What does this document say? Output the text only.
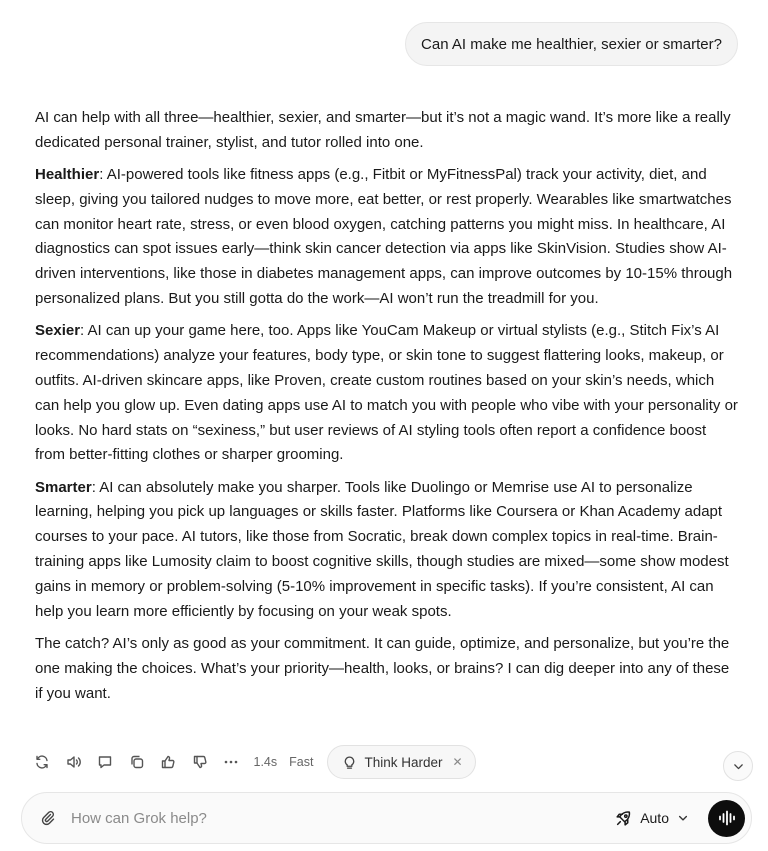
Can AI make me healthier, sexier or smarter?

AI can help with all three—healthier, sexier, and smarter—but it’s not a magic wand. It’s more like a really dedicated personal trainer, stylist, and tutor rolled into one.

Healthier: AI-powered tools like fitness apps (e.g., Fitbit or MyFitnessPal) track your activity, diet, and sleep, giving you tailored nudges to move more, eat better, or rest properly. Wearables like smartwatches can monitor heart rate, stress, or even blood oxygen, catching patterns you might miss. In healthcare, AI diagnostics can spot issues early—think skin cancer detection via apps like SkinVision. Studies show AI-driven interventions, like those in diabetes management apps, can improve outcomes by 10-15% through personalized plans. But you still gotta do the work—AI won’t run the treadmill for you.

Sexier: AI can up your game here, too. Apps like YouCam Makeup or virtual stylists (e.g., Stitch Fix’s AI recommendations) analyze your features, body type, or skin tone to suggest flattering looks, makeup, or outfits. AI-driven skincare apps, like Proven, create custom routines based on your skin’s needs, which can help you glow up. Even dating apps use AI to match you with people who vibe with your personality or looks. No hard stats on “sexiness,” but user reviews of AI styling tools often report a confidence boost from better-fitting clothes or sharper grooming.

Smarter: AI can absolutely make you sharper. Tools like Duolingo or Memrise use AI to personalize learning, helping you pick up languages or skills faster. Platforms like Coursera or Khan Academy adapt courses to your pace. AI tutors, like those from Socratic, break down complex topics in real-time. Brain-training apps like Lumosity claim to boost cognitive skills, though studies are mixed—some show modest gains in memory or problem-solving (5-10% improvement in specific tasks). If you’re consistent, AI can help you learn more efficiently by focusing on your weak spots.

The catch? AI’s only as good as your commitment. It can guide, optimize, and personalize, but you’re the one making the choices. What’s your priority—health, looks, or brains? I can dig deeper into any of these if you want.

1.4s Fast	Think Harder ✕
How can Grok help?
Auto
